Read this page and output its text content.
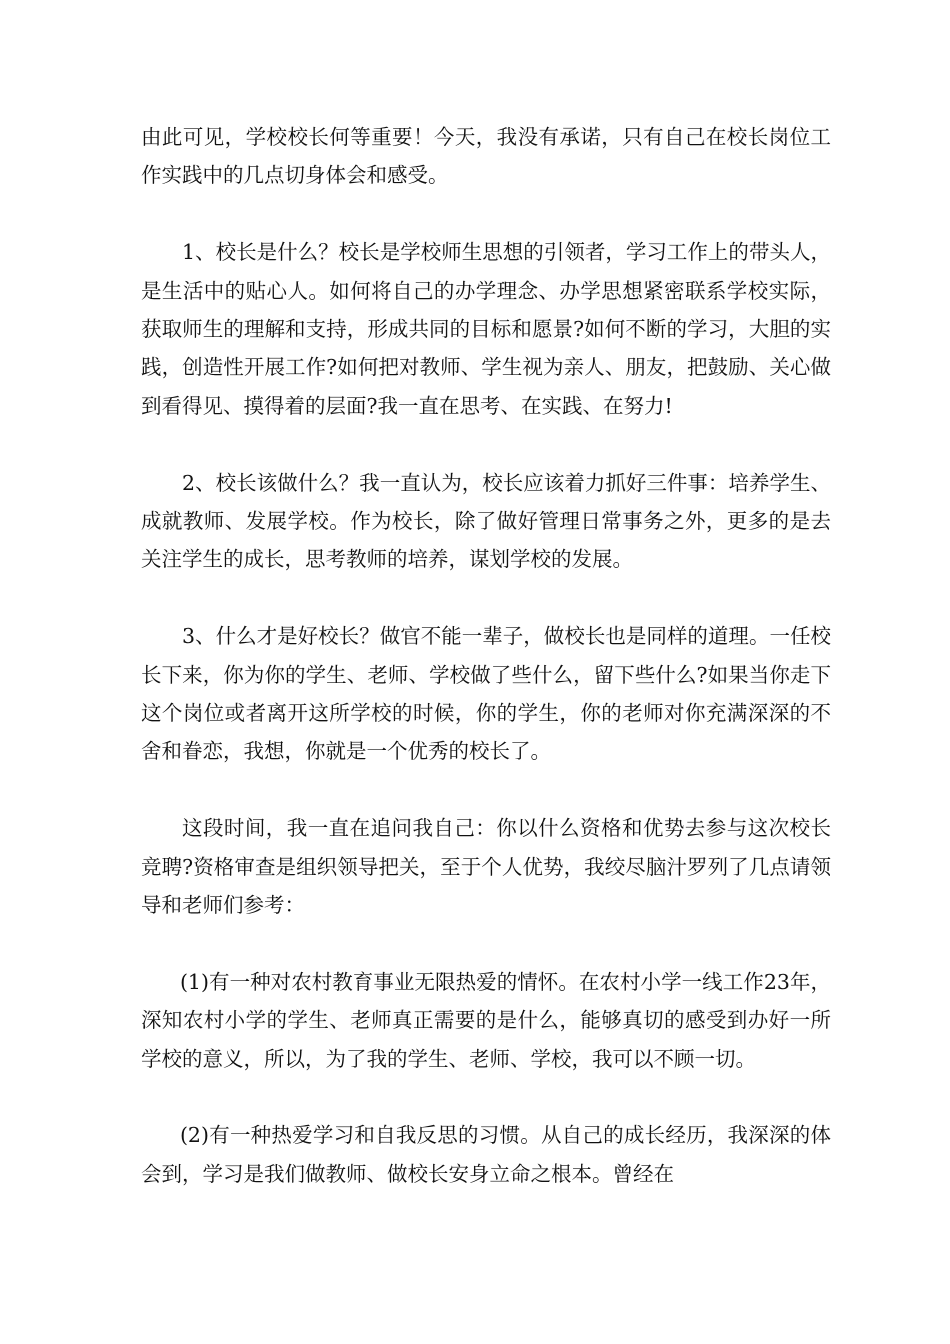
由此可见，学校校长何等重要！今天，我没有承诺，只有自己在校长岗位工作实践中的几点切身体会和感受。

1、校长是什么？校长是学校师生思想的引领者，学习工作上的带头人，是生活中的贴心人。如何将自己的办学理念、办学思想紧密联系学校实际，获取师生的理解和支持，形成共同的目标和愿景?如何不断的学习，大胆的实践，创造性开展工作?如何把对教师、学生视为亲人、朋友，把鼓励、关心做到看得见、摸得着的层面?我一直在思考、在实践、在努力!

2、校长该做什么？我一直认为，校长应该着力抓好三件事：培养学生、成就教师、发展学校。作为校长，除了做好管理日常事务之外，更多的是去关注学生的成长，思考教师的培养，谋划学校的发展。

3、什么才是好校长？做官不能一辈子，做校长也是同样的道理。一任校长下来，你为你的学生、老师、学校做了些什么，留下些什么?如果当你走下这个岗位或者离开这所学校的时候，你的学生，你的老师对你充满深深的不舍和眷恋，我想，你就是一个优秀的校长了。

这段时间，我一直在追问我自己：你以什么资格和优势去参与这次校长竞聘?资格审查是组织领导把关，至于个人优势，我绞尽脑汁罗列了几点请领导和老师们参考：

(1)有一种对农村教育事业无限热爱的情怀。在农村小学一线工作23年，深知农村小学的学生、老师真正需要的是什么，能够真切的感受到办好一所学校的意义，所以，为了我的学生、老师、学校，我可以不顾一切。

(2)有一种热爱学习和自我反思的习惯。从自己的成长经历，我深深的体会到，学习是我们做教师、做校长安身立命之根本。曾经在
